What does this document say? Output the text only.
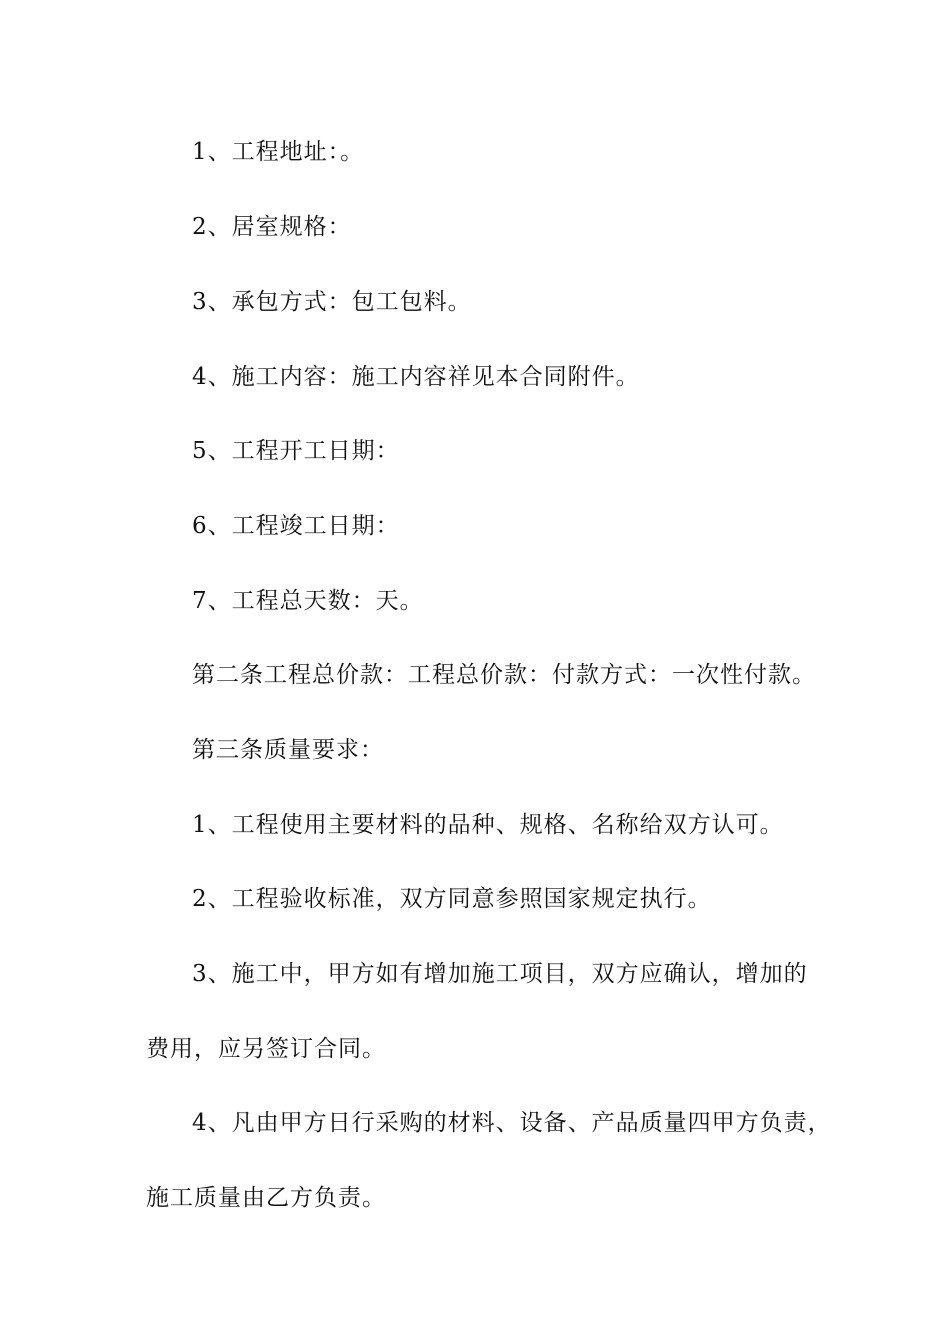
1、工程地址：。
2、居室规格：
3、承包方式：包工包料。
4、施工内容：施工内容祥见本合同附件。
5、工程开工日期：
6、工程竣工日期：
7、工程总天数：天。
第二条工程总价款：工程总价款：付款方式：一次性付款。
第三条质量要求：
1、工程使用主要材料的品种、规格、名称给双方认可。
2、工程验收标准，双方同意参照国家规定执行。
3、施工中，甲方如有增加施工项目，双方应确认，增加的
费用，应另签订合同。
4、凡由甲方日行采购的材料、设备、产品质量四甲方负责，
施工质量由乙方负责。
